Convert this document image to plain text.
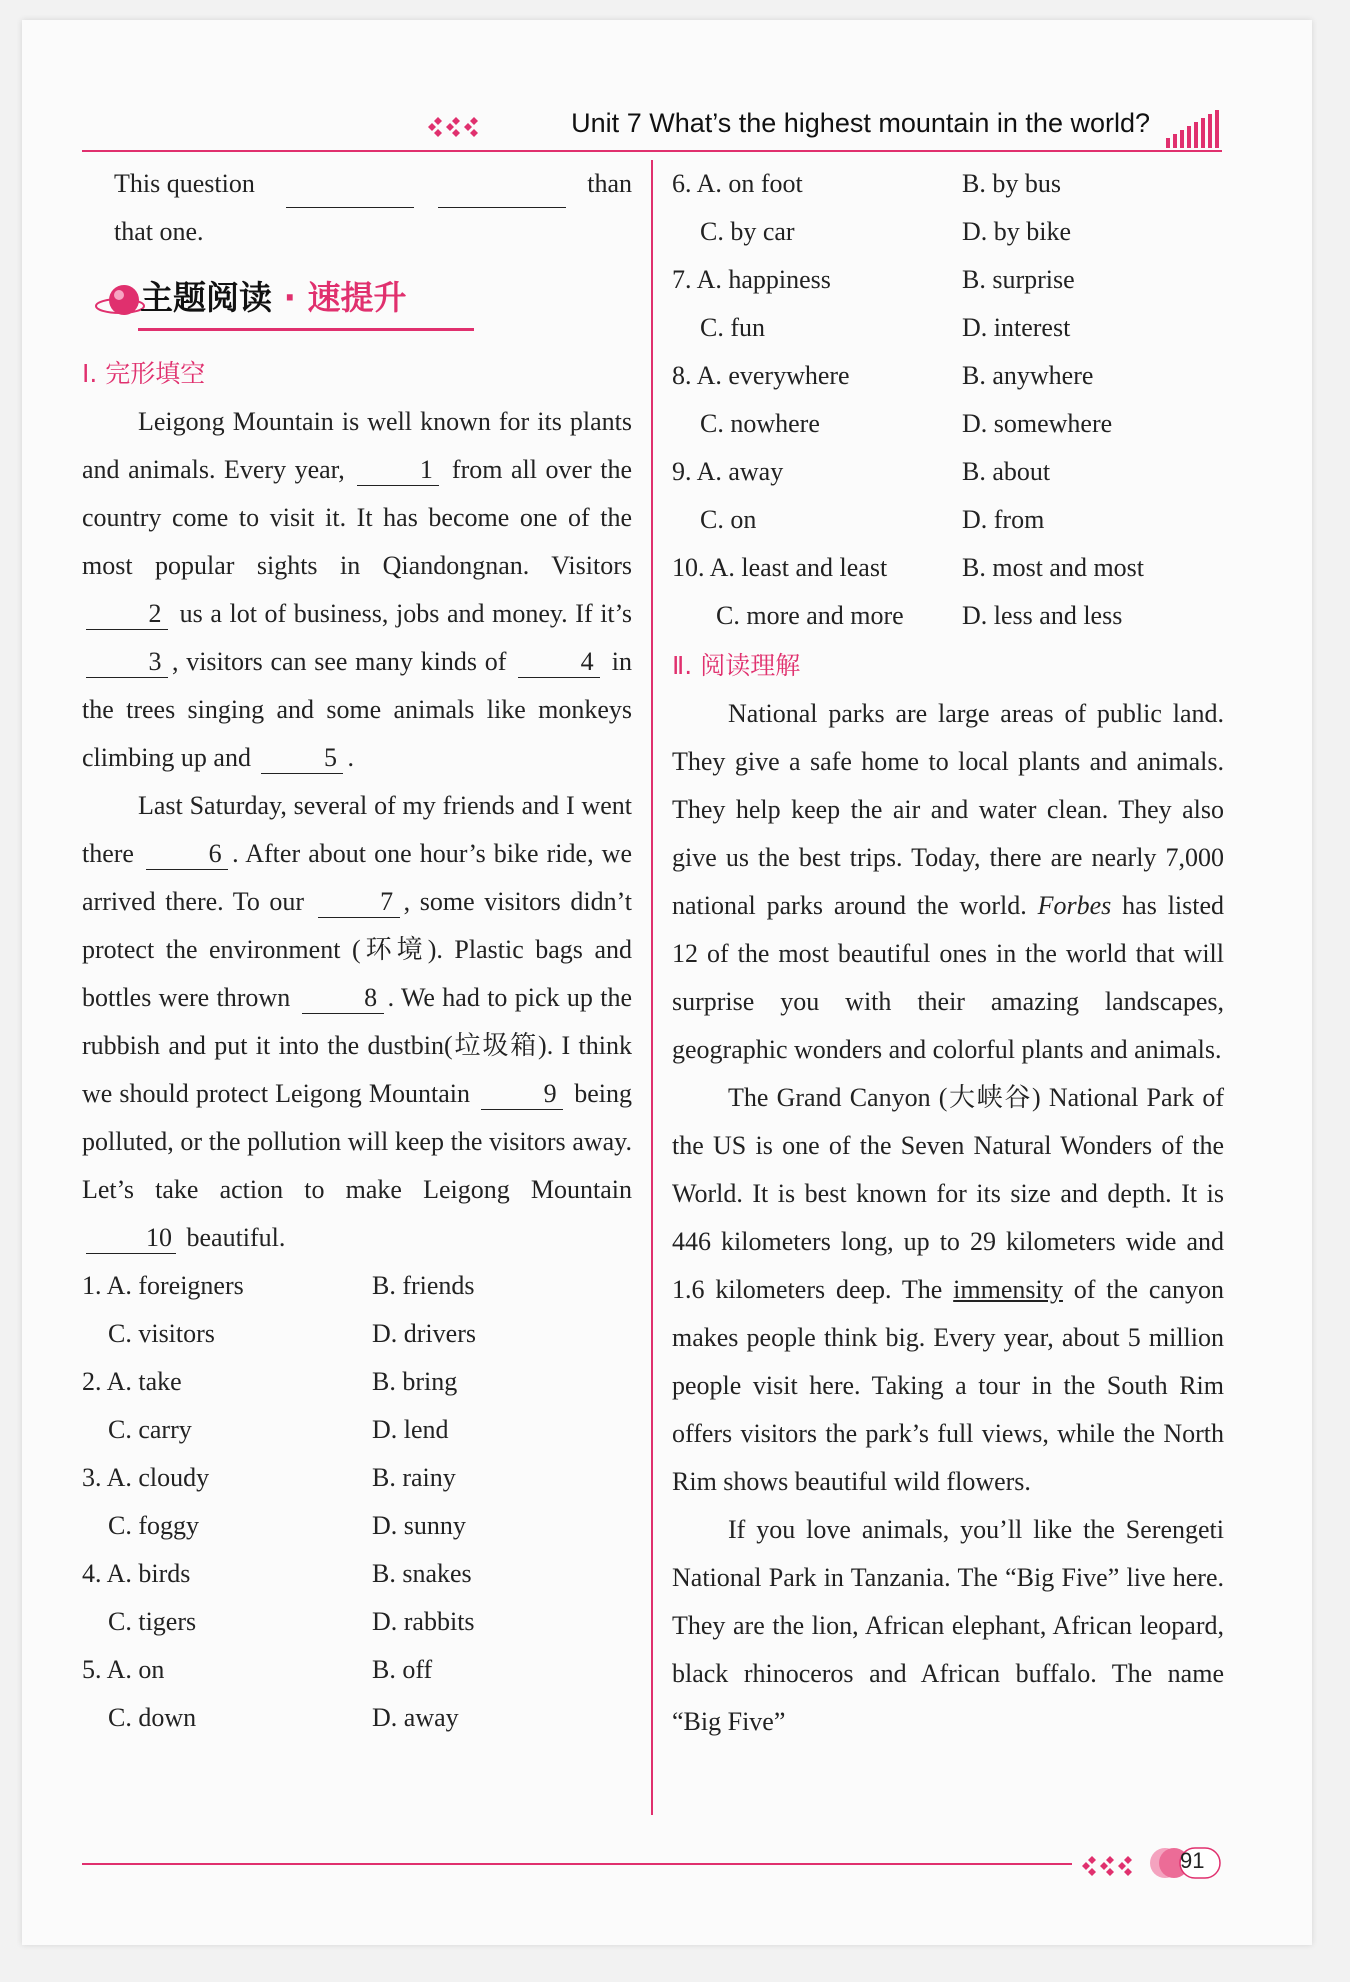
Unit 7 What’s the highest mountain in the world?

This question

	than

that one.

主题阅读 · 速提升
Ⅰ. 完形填空

Leigong Mountain is well known for its plants and animals. Every year,	1 from all over the country come to visit it. It has become one of the most popular sights in Qiandongnan. Visitors 2 us a lot of business, jobs and money. If it’s 3 , visitors can see many kinds of	4 in the trees singing and some animals like monkeys climbing up and	5 .

Last Saturday, several of my friends and I went there	6 . After about one hour’s bike ride, we arrived there. To our	7 , some visitors didn’t protect the environment (环境). Plastic bags and bottles were thrown	8 . We had to pick up the rubbish and put it into the dustbin(垃圾箱). I think we should protect Leigong Mountain	9 being polluted, or the pollution will keep the visitors away. Let’s take action to make Leigong Mountain 10 beautiful.

1. A. foreigners	B. friends
C. visitors	D. drivers
2. A. take	B. bring
C. carry	D. lend
3. A. cloudy	B. rainy
C. foggy	D. sunny
4. A. birds	B. snakes
C. tigers	D. rabbits
5. A. on	B. off
C. down	D. away
6. A. on foot	B. by bus
C. by car	D. by bike
7. A. happiness	B. surprise
C. fun	D. interest
8. A. everywhere	B. anywhere
C. nowhere	D. somewhere
9. A. away	B. about
C. on	D. from
10. A. least and least	B. most and most
C. more and more	D. less and less
Ⅱ. 阅读理解

National parks are large areas of public land. They give a safe home to local plants and animals. They help keep the air and water clean. They also give us the best trips. Today, there are nearly 7,000 national parks around the world. Forbes has listed 12 of the most beautiful ones in the world that will surprise you with their amazing landscapes, geographic wonders and colorful plants and animals.

The Grand Canyon (大峡谷) National Park of the US is one of the Seven Natural Wonders of the World. It is best known for its size and depth. It is 446 kilometers long, up to 29 kilometers wide and 1.6 kilometers deep. The immensity of the canyon makes people think big. Every year, about 5 million people visit here. Taking a tour in the South Rim offers visitors the park’s full views, while the North Rim shows beautiful wild flowers.

If you love animals, you’ll like the Serengeti National Park in Tanzania. The “Big Five” live here. They are the lion, African elephant, African leopard, black rhinoceros and African buffalo. The name “Big Five”

91
